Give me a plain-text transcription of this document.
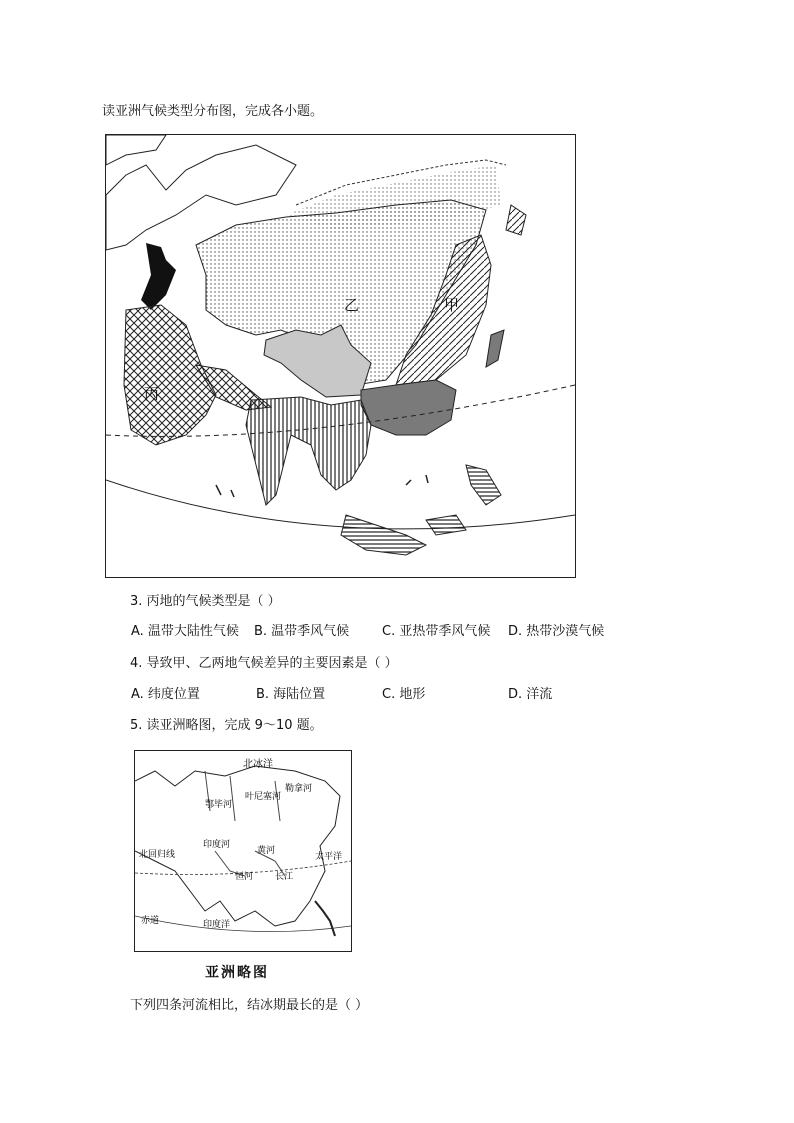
读亚洲气候类型分布图，完成各小题。
甲
乙
丙
3. 丙地的气候类型是（ ）
A. 温带大陆性气候 B. 温带季风气候	C. 亚热带季风气候 D. 热带沙漠气候
4. 导致甲、乙两地气候差异的主要因素是（ ）
A. 纬度位置	B. 海陆位置	C. 地形	D. 洋流
5. 读亚洲略图，完成 9～10 题。
北冰洋
鄂毕河
叶尼塞河
勒拿河
印度河
黄河
恒河 长江
北回归线	太平洋
赤道	印度洋
亚洲略图
下列四条河流相比，结冰期最长的是（ ）
